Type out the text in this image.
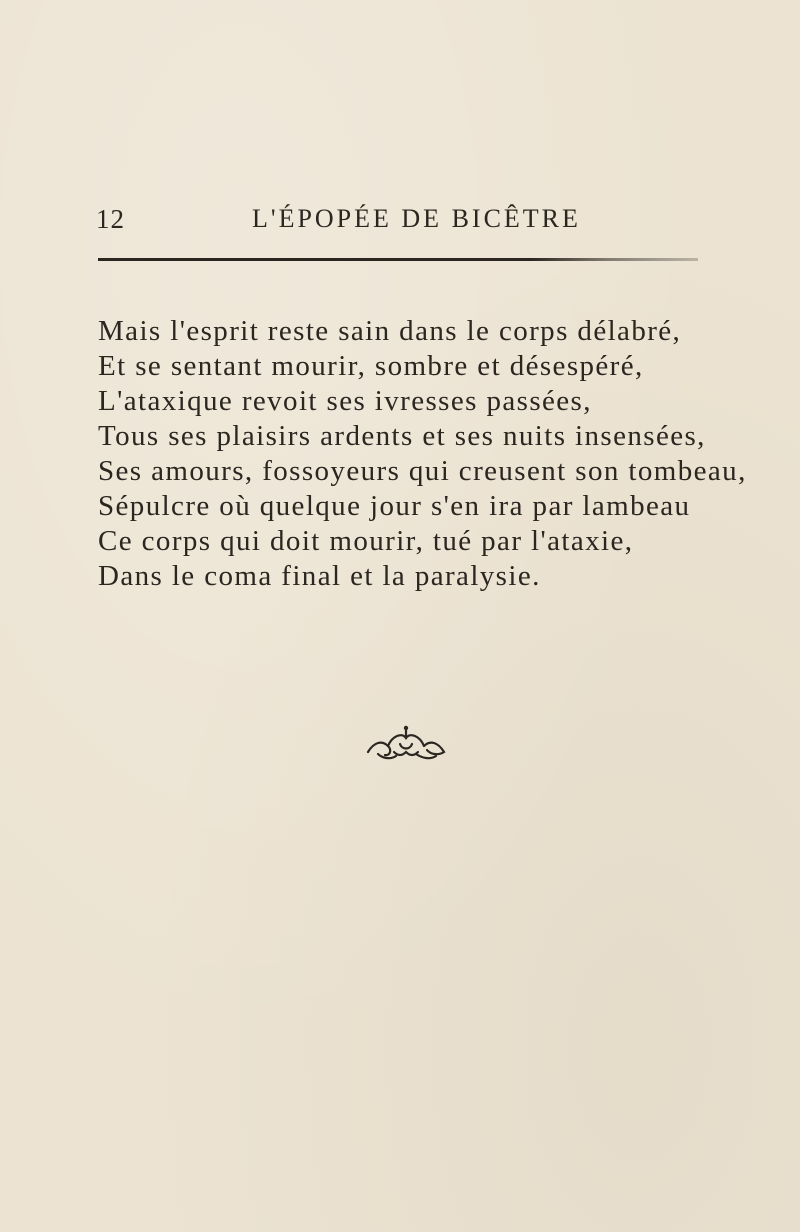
12	L'ÉPOPÉE DE BICÊTRE
Mais l'esprit reste sain dans le corps délabré,
Et se sentant mourir, sombre et désespéré,
L'ataxique revoit ses ivresses passées,
Tous ses plaisirs ardents et ses nuits insensées,
Ses amours, fossoyeurs qui creusent son tombeau,
Sépulcre où quelque jour s'en ira par lambeau
Ce corps qui doit mourir, tué par l'ataxie,
Dans le coma final et la paralysie.
